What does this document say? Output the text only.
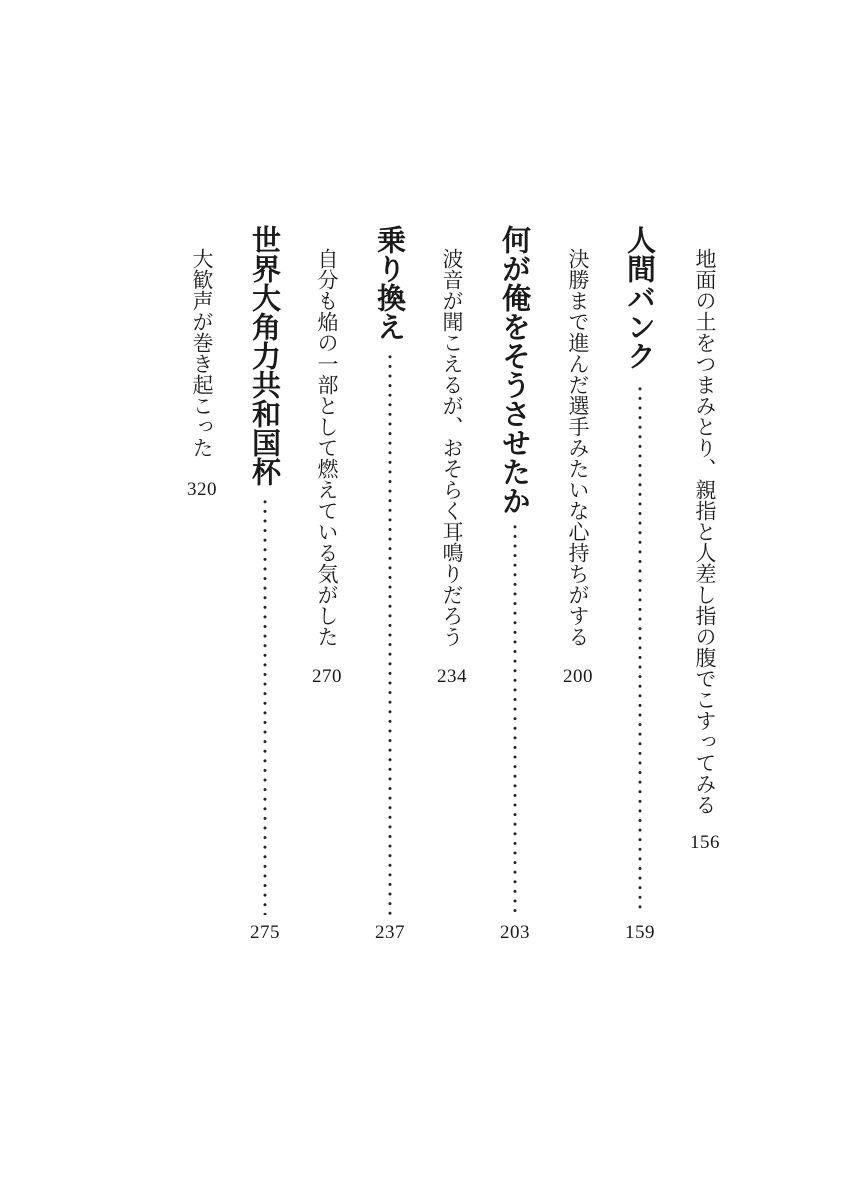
地面の土をつまみとり、親指と人差し指の腹でこすってみる
156
人間バンク
159
決勝まで進んだ選手みたいな心持ちがする
200
何が俺をそうさせたか
203
波音が聞こえるが、おそらく耳鳴りだろう
234
乗り換え
237
自分も焔の一部として燃えている気がした
270
世界大角力共和国杯
275
大歓声が巻き起こった
320
